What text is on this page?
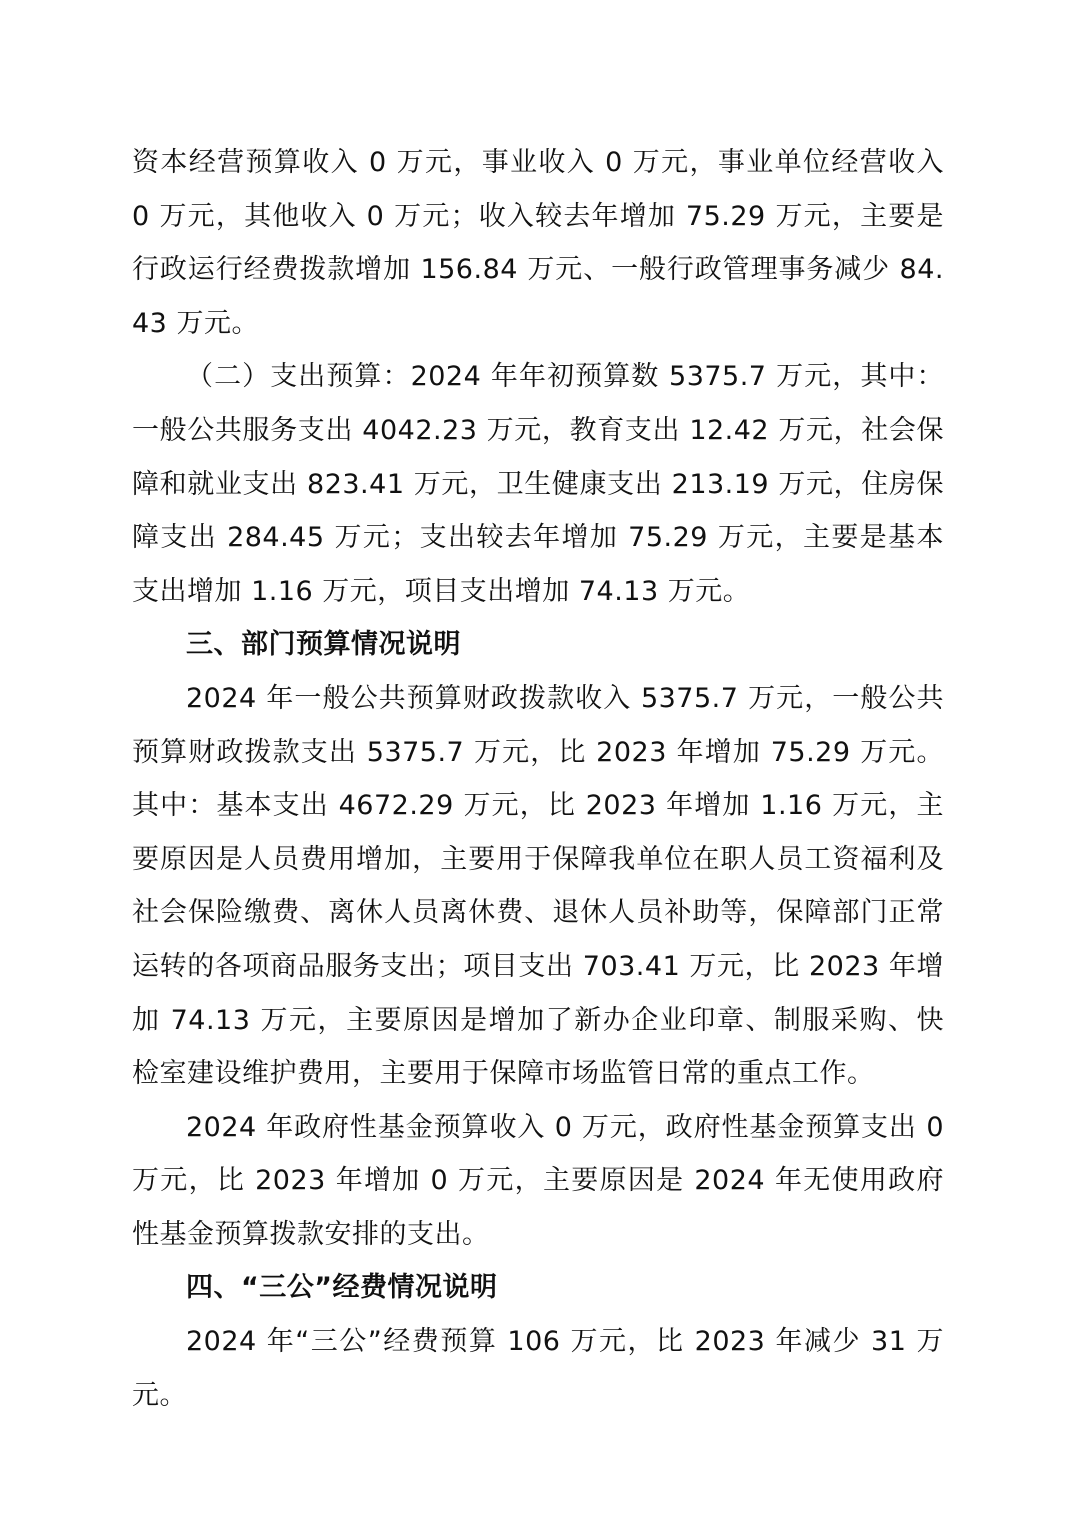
资本经营预算收入 0 万元，事业收入 0 万元，事业单位经营收入 0 万元，其他收入 0 万元；收入较去年增加 75.29 万元，主要是行政运行经费拨款增加 156.84 万元、一般行政管理事务减少 84.43 万元。

（二）支出预算：2024 年年初预算数 5375.7 万元，其中：一般公共服务支出 4042.23 万元，教育支出 12.42 万元，社会保障和就业支出 823.41 万元，卫生健康支出 213.19 万元，住房保障支出 284.45 万元；支出较去年增加 75.29 万元，主要是基本支出增加 1.16 万元，项目支出增加 74.13 万元。

三、部门预算情况说明

2024 年一般公共预算财政拨款收入 5375.7 万元，一般公共预算财政拨款支出 5375.7 万元，比 2023 年增加 75.29 万元。其中：基本支出 4672.29 万元，比 2023 年增加 1.16 万元，主要原因是人员费用增加，主要用于保障我单位在职人员工资福利及社会保险缴费、离休人员离休费、退休人员补助等，保障部门正常运转的各项商品服务支出；项目支出 703.41 万元，比 2023 年增加 74.13 万元，主要原因是增加了新办企业印章、制服采购、快检室建设维护费用，主要用于保障市场监管日常的重点工作。

2024 年政府性基金预算收入 0 万元，政府性基金预算支出 0 万元，比 2023 年增加 0 万元，主要原因是 2024 年无使用政府性基金预算拨款安排的支出。

四、“三公”经费情况说明

2024 年“三公”经费预算 106 万元，比 2023 年减少 31 万元。
